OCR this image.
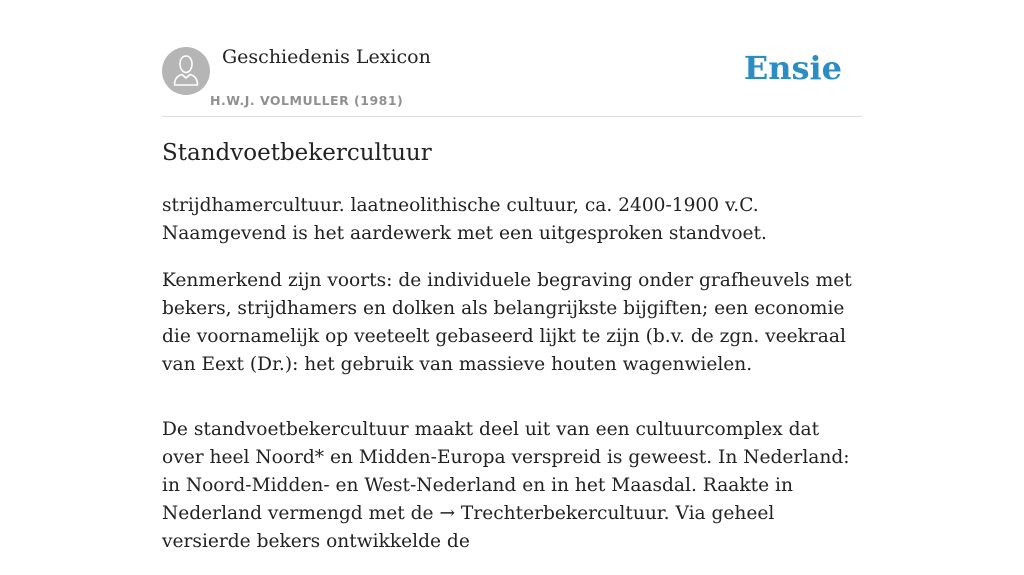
Geschiedenis Lexicon
H.W.J. VOLMULLER (1981)
Ensie
Standvoetbekercultuur

strijdhamercultuur. laatneolithische cultuur, ca. 2400-1900 v.C. Naamgevend is het aardewerk met een uitgesproken standvoet.

Kenmerkend zijn voorts: de individuele begraving onder grafheuvels met bekers, strijdhamers en dolken als belangrijkste bijgiften; een economie die voornamelijk op veeteelt gebaseerd lijkt te zijn (b.v. de zgn. veekraal van Eext (Dr.): het gebruik van massieve houten wagenwielen.

De standvoetbekercultuur maakt deel uit van een cultuurcomplex dat over heel Noord* en Midden-Europa verspreid is geweest. In Nederland: in Noord-Midden- en West-Nederland en in het Maasdal. Raakte in Nederland vermengd met de → Trechterbekercultuur. Via geheel versierde bekers ontwikkelde de
